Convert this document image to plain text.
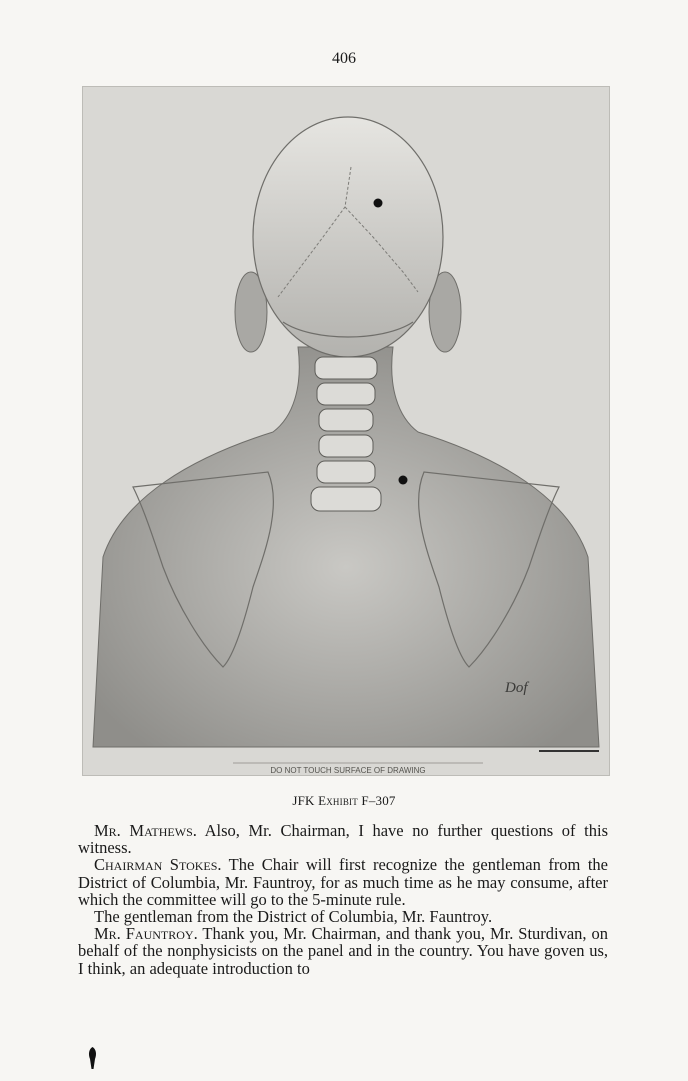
406
Dof
DO NOT TOUCH SURFACE OF DRAWING
JFK Exhibit F–307

Mr. Mathews. Also, Mr. Chairman, I have no further questions of this witness.

Chairman Stokes. The Chair will first recognize the gentleman from the District of Columbia, Mr. Fauntroy, for as much time as he may consume, after which the committee will go to the 5-minute rule.

The gentleman from the District of Columbia, Mr. Fauntroy.

Mr. Fauntroy. Thank you, Mr. Chairman, and thank you, Mr. Sturdivan, on behalf of the nonphysicists on the panel and in the country. You have goven us, I think, an adequate introduction to
